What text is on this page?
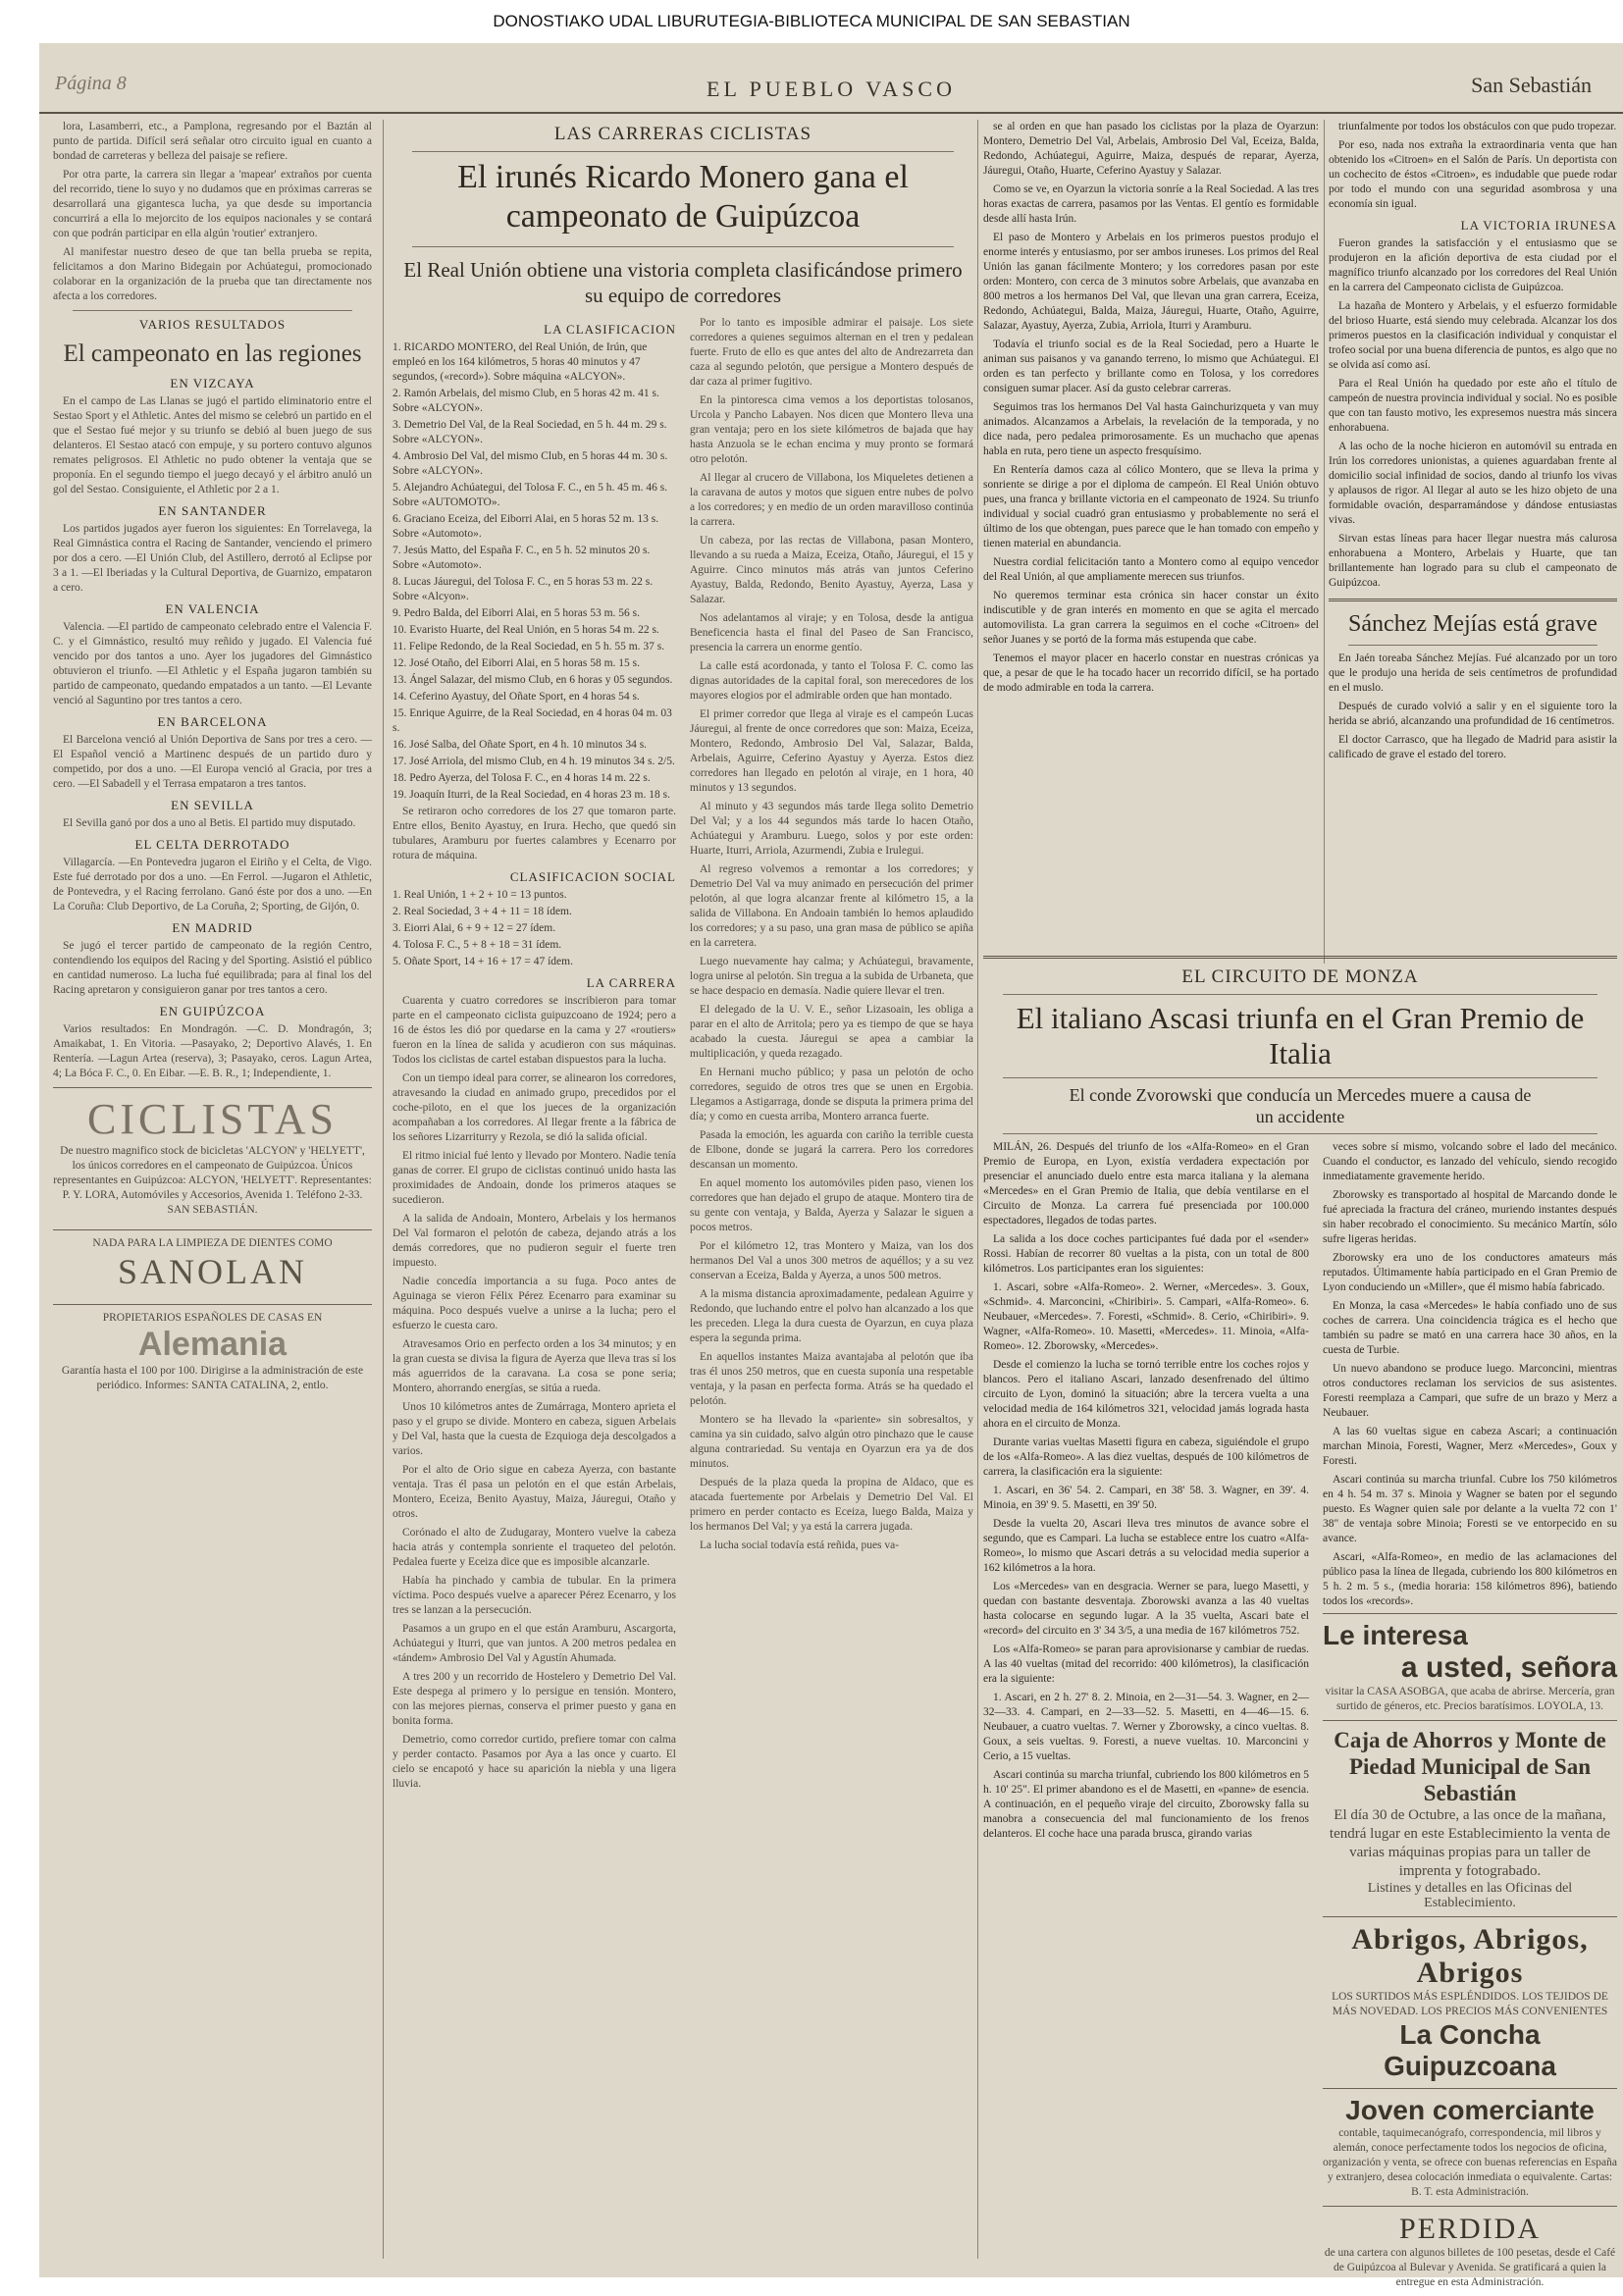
DONOSTIAKO UDAL LIBURUTEGIA-BIBLIOTECA MUNICIPAL DE SAN SEBASTIAN
Página 8	EL PUEBLO VASCO	San Sebastián

lora, Lasamberri, etc., a Pamplona, regresando por el Baztán al punto de partida. Difícil será señalar otro circuito igual en cuanto a bondad de carreteras y belleza del paisaje se refiere.

Por otra parte, la carrera sin llegar a 'mapear' extraños por cuenta del recorrido, tiene lo suyo y no dudamos que en próximas carreras se desarrollará una gigantesca lucha, ya que desde su importancia concurrirá a ella lo mejorcito de los equipos nacionales y se contará con que podrán participar en ella algún 'routier' extranjero.

Al manifestar nuestro deseo de que tan bella prueba se repita, felicitamos a don Marino Bidegain por Achúategui, promocionado colaborar en la organización de la prueba que tan directamente nos afecta a los corredores.

VARIOS RESULTADOS
El campeonato en las regiones
EN VIZCAYA

En el campo de Las Llanas se jugó el partido eliminatorio entre el Sestao Sport y el Athletic. Antes del mismo se celebró un partido en el que el Sestao fué mejor y su triunfo se debió al buen juego de sus delanteros. El Sestao atacó con empuje, y su portero contuvo algunos remates peligrosos. El Athletic no pudo obtener la ventaja que se proponía. En el segundo tiempo el juego decayó y el árbitro anuló un gol del Sestao. Consiguiente, el Athletic por 2 a 1.

EN SANTANDER

Los partidos jugados ayer fueron los siguientes: En Torrelavega, la Real Gimnástica contra el Racing de Santander, venciendo el primero por dos a cero. —El Unión Club, del Astillero, derrotó al Eclipse por 3 a 1. —El Iberiadas y la Cultural Deportiva, de Guarnizo, empataron a cero.

EN VALENCIA

Valencia. —El partido de campeonato celebrado entre el Valencia F. C. y el Gimnástico, resultó muy reñido y jugado. El Valencia fué vencido por dos tantos a uno. Ayer los jugadores del Gimnástico obtuvieron el triunfo. —El Athletic y el España jugaron también su partido de campeonato, quedando empatados a un tanto. —El Levante venció al Saguntino por tres tantos a cero.

EN BARCELONA

El Barcelona venció al Unión Deportiva de Sans por tres a cero. —El Español venció a Martinenc después de un partido duro y competido, por dos a uno. —El Europa venció al Gracia, por tres a cero. —El Sabadell y el Terrasa empataron a tres tantos.

EN SEVILLA

El Sevilla ganó por dos a uno al Betis. El partido muy disputado.

EL CELTA DERROTADO

Villagarcía. —En Pontevedra jugaron el Eiriño y el Celta, de Vigo. Este fué derrotado por dos a uno. —En Ferrol. —Jugaron el Athletic, de Pontevedra, y el Racing ferrolano. Ganó éste por dos a uno. —En La Coruña: Club Deportivo, de La Coruña, 2; Sporting, de Gijón, 0.

EN MADRID

Se jugó el tercer partido de campeonato de la región Centro, contendiendo los equipos del Racing y del Sporting. Asistió el público en cantidad numeroso. La lucha fué equilibrada; para al final los del Racing apretaron y consiguieron ganar por tres tantos a cero.

EN GUIPÚZCOA

Varios resultados: En Mondragón. —C. D. Mondragón, 3; Amaikabat, 1. En Vitoria. —Pasayako, 2; Deportivo Alavés, 1. En Rentería. —Lagun Artea (reserva), 3; Pasayako, ceros. Lagun Artea, 4; La Bóca F. C., 0. En Eibar. —E. B. R., 1; Independiente, 1.

CICLISTAS
De nuestro magnifico stock de bicicletas 'ALCYON' y 'HELYETT', los únicos corredores en el campeonato de Guipúzcoa. Únicos representantes en Guipúzcoa: ALCYON, 'HELYETT'. Representantes: P. Y. LORA, Automóviles y Accesorios, Avenida 1. Teléfono 2-33. SAN SEBASTIÁN.
NADA PARA LA LIMPIEZA DE DIENTES COMO
SANOLAN
PROPIETARIOS ESPAÑOLES DE CASAS EN
Alemania
Garantía hasta el 100 por 100. Dirigirse a la administración de este periódico. Informes: SANTA CATALINA, 2, entlo.
LAS CARRERAS CICLISTAS
El irunés Ricardo Monero gana el campeonato de Guipúzcoa
El Real Unión obtiene una vistoria completa clasificándose primero su equipo de corredores
LA CLASIFICACION

1. RICARDO MONTERO, del Real Unión, de Irún, que empleó en los 164 kilómetros, 5 horas 40 minutos y 47 segundos, («record»). Sobre máquina «ALCYON».

2. Ramón Arbelais, del mismo Club, en 5 horas 42 m. 41 s. Sobre «ALCYON».

3. Demetrio Del Val, de la Real Sociedad, en 5 h. 44 m. 29 s. Sobre «ALCYON».

4. Ambrosio Del Val, del mismo Club, en 5 horas 44 m. 30 s. Sobre «ALCYON».

5. Alejandro Achúategui, del Tolosa F. C., en 5 h. 45 m. 46 s. Sobre «AUTOMOTO».

6. Graciano Eceiza, del Eiborri Alai, en 5 horas 52 m. 13 s. Sobre «Automoto».

7. Jesús Matto, del España F. C., en 5 h. 52 minutos 20 s. Sobre «Automoto».

8. Lucas Jáuregui, del Tolosa F. C., en 5 horas 53 m. 22 s. Sobre «Alcyon».

9. Pedro Balda, del Eiborri Alai, en 5 horas 53 m. 56 s.

10. Evaristo Huarte, del Real Unión, en 5 horas 54 m. 22 s.

11. Felipe Redondo, de la Real Sociedad, en 5 h. 55 m. 37 s.

12. José Otaño, del Eiborri Alai, en 5 horas 58 m. 15 s.

13. Ángel Salazar, del mismo Club, en 6 horas y 05 segundos.

14. Ceferino Ayastuy, del Oñate Sport, en 4 horas 54 s.

15. Enrique Aguirre, de la Real Sociedad, en 4 horas 04 m. 03 s.

16. José Salba, del Oñate Sport, en 4 h. 10 minutos 34 s.

17. José Arriola, del mismo Club, en 4 h. 19 minutos 34 s. 2/5.

18. Pedro Ayerza, del Tolosa F. C., en 4 horas 14 m. 22 s.

19. Joaquín Iturri, de la Real Sociedad, en 4 horas 23 m. 18 s.

Se retiraron ocho corredores de los 27 que tomaron parte. Entre ellos, Benito Ayastuy, en Irura. Hecho, que quedó sin tubulares, Aramburu por fuertes calambres y Ecenarro por rotura de máquina.

CLASIFICACION SOCIAL

1. Real Unión, 1 + 2 + 10 = 13 puntos.

2. Real Sociedad, 3 + 4 + 11 = 18 ídem.

3. Eiorri Alai, 6 + 9 + 12 = 27 ídem.

4. Tolosa F. C., 5 + 8 + 18 = 31 ídem.

5. Oñate Sport, 14 + 16 + 17 = 47 ídem.

LA CARRERA

Cuarenta y cuatro corredores se inscribieron para tomar parte en el campeonato ciclista guipuzcoano de 1924; pero a 16 de éstos les dió por quedarse en la cama y 27 «routiers» fueron en la línea de salida y acudieron con sus máquinas. Todos los ciclistas de cartel estaban dispuestos para la lucha.

Con un tiempo ideal para correr, se alinearon los corredores, atravesando la ciudad en animado grupo, precedidos por el coche-piloto, en el que los jueces de la organización acompañaban a los corredores. Al llegar frente a la fábrica de los señores Lizarriturry y Rezola, se dió la salida oficial.

El ritmo inicial fué lento y llevado por Montero. Nadie tenía ganas de correr. El grupo de ciclistas continuó unido hasta las proximidades de Andoain, donde los primeros ataques se sucedieron.

A la salida de Andoain, Montero, Arbelais y los hermanos Del Val formaron el pelotón de cabeza, dejando atrás a los demás corredores, que no pudieron seguir el fuerte tren impuesto.

Nadie concedía importancia a su fuga. Poco antes de Aguinaga se vieron Félix Pérez Ecenarro para examinar su máquina. Poco después vuelve a unirse a la lucha; pero el esfuerzo le cuesta caro.

Atravesamos Orio en perfecto orden a los 34 minutos; y en la gran cuesta se divisa la figura de Ayerza que lleva tras sí los más aguerridos de la caravana. La cosa se pone seria; Montero, ahorrando energías, se sitúa a rueda.

Unos 10 kilómetros antes de Zumárraga, Montero aprieta el paso y el grupo se divide. Montero en cabeza, siguen Arbelais y Del Val, hasta que la cuesta de Ezquioga deja descolgados a varios.

Por el alto de Orio sigue en cabeza Ayerza, con bastante ventaja. Tras él pasa un pelotón en el que están Arbelais, Montero, Eceiza, Benito Ayastuy, Maiza, Jáuregui, Otaño y otros.

Corónado el alto de Zudugaray, Montero vuelve la cabeza hacia atrás y contempla sonriente el traqueteo del pelotón. Pedalea fuerte y Eceiza dice que es imposible alcanzarle.

Había ha pinchado y cambia de tubular. En la primera víctima. Poco después vuelve a aparecer Pérez Ecenarro, y los tres se lanzan a la persecución.

Pasamos a un grupo en el que están Aramburu, Ascargorta, Achúategui y Iturri, que van juntos. A 200 metros pedalea en «tándem» Ambrosio Del Val y Agustín Ahumada.

A tres 200 y un recorrido de Hostelero y Demetrio Del Val. Este despega al primero y lo persigue en tensión. Montero, con las mejores piernas, conserva el primer puesto y gana en bonita forma.

Demetrio, como corredor curtido, prefiere tomar con calma y perder contacto. Pasamos por Aya a las once y cuarto. El cielo se encapotó y hace su aparición la niebla y una ligera lluvia.

Por lo tanto es imposible admirar el paisaje. Los siete corredores a quienes seguimos alternan en el tren y pedalean fuerte. Fruto de ello es que antes del alto de Andrezarreta dan caza al segundo pelotón, que persigue a Montero después de dar caza al primer fugitivo.

En la pintoresca cima vemos a los deportistas tolosanos, Urcola y Pancho Labayen. Nos dicen que Montero lleva una gran ventaja; pero en los siete kilómetros de bajada que hay hasta Anzuola se le echan encima y muy pronto se formará otro pelotón.

Al llegar al crucero de Villabona, los Miqueletes detienen a la caravana de autos y motos que siguen entre nubes de polvo a los corredores; y en medio de un orden maravilloso continúa la carrera.

Un cabeza, por las rectas de Villabona, pasan Montero, llevando a su rueda a Maiza, Eceiza, Otaño, Jáuregui, el 15 y Aguirre. Cinco minutos más atrás van juntos Ceferino Ayastuy, Balda, Redondo, Benito Ayastuy, Ayerza, Lasa y Salazar.

Nos adelantamos al viraje; y en Tolosa, desde la antigua Beneficencia hasta el final del Paseo de San Francisco, presencia la carrera un enorme gentío.

La calle está acordonada, y tanto el Tolosa F. C. como las dignas autoridades de la capital foral, son merecedores de los mayores elogios por el admirable orden que han montado.

El primer corredor que llega al viraje es el campeón Lucas Jáuregui, al frente de once corredores que son: Maiza, Eceiza, Montero, Redondo, Ambrosio Del Val, Salazar, Balda, Arbelais, Aguirre, Ceferino Ayastuy y Ayerza. Estos diez corredores han llegado en pelotón al viraje, en 1 hora, 40 minutos y 13 segundos.

Al minuto y 43 segundos más tarde llega solito Demetrio Del Val; y a los 44 segundos más tarde lo hacen Otaño, Achúategui y Aramburu. Luego, solos y por este orden: Huarte, Iturri, Arriola, Azurmendi, Zubia e Irulegui.

Al regreso volvemos a remontar a los corredores; y Demetrio Del Val va muy animado en persecución del primer pelotón, al que logra alcanzar frente al kilómetro 15, a la salida de Villabona. En Andoain también lo hemos aplaudido los corredores; y a su paso, una gran masa de público se apiña en la carretera.

Luego nuevamente hay calma; y Achúategui, bravamente, logra unirse al pelotón. Sin tregua a la subida de Urbaneta, que se hace despacio en demasía. Nadie quiere llevar el tren.

El delegado de la U. V. E., señor Lizasoain, les obliga a parar en el alto de Arritola; pero ya es tiempo de que se haya acabado la cuesta. Jáuregui se apea a cambiar la multiplicación, y queda rezagado.

En Hernani mucho público; y pasa un pelotón de ocho corredores, seguido de otros tres que se unen en Ergobia. Llegamos a Astigarraga, donde se disputa la primera prima del día; y como en cuesta arriba, Montero arranca fuerte.

Pasada la emoción, les aguarda con cariño la terrible cuesta de Elbone, donde se jugará la carrera. Pero los corredores descansan un momento.

En aquel momento los automóviles piden paso, vienen los corredores que han dejado el grupo de ataque. Montero tira de su gente con ventaja, y Balda, Ayerza y Salazar le siguen a pocos metros.

Por el kilómetro 12, tras Montero y Maiza, van los dos hermanos Del Val a unos 300 metros de aquéllos; y a su vez conservan a Eceiza, Balda y Ayerza, a unos 500 metros.

A la misma distancia aproximadamente, pedalean Aguirre y Redondo, que luchando entre el polvo han alcanzado a los que les preceden. Llega la dura cuesta de Oyarzun, en cuya plaza espera la segunda prima.

En aquellos instantes Maiza avantajaba al pelotón que iba tras él unos 250 metros, que en cuesta suponía una respetable ventaja, y la pasan en perfecta forma. Atrás se ha quedado el pelotón.

Montero se ha llevado la «pariente» sin sobresaltos, y camina ya sin cuidado, salvo algún otro pinchazo que le cause alguna contrariedad. Su ventaja en Oyarzun era ya de dos minutos.

Después de la plaza queda la propina de Aldaco, que es atacada fuertemente por Arbelais y Demetrio Del Val. El primero en perder contacto es Eceiza, luego Balda, Maiza y los hermanos Del Val; y ya está la carrera jugada.

La lucha social todavía está reñida, pues va-

se al orden en que han pasado los ciclistas por la plaza de Oyarzun: Montero, Demetrio Del Val, Arbelais, Ambrosio Del Val, Eceiza, Balda, Redondo, Achúategui, Aguirre, Maiza, después de reparar, Ayerza, Jáuregui, Otaño, Huarte, Ceferino Ayastuy y Salazar.

Como se ve, en Oyarzun la victoria sonríe a la Real Sociedad. A las tres horas exactas de carrera, pasamos por las Ventas. El gentío es formidable desde allí hasta Irún.

El paso de Montero y Arbelais en los primeros puestos produjo el enorme interés y entusiasmo, por ser ambos iruneses. Los primos del Real Unión las ganan fácilmente Montero; y los corredores pasan por este orden: Montero, con cerca de 3 minutos sobre Arbelais, que avanzaba en 800 metros a los hermanos Del Val, que llevan una gran carrera, Eceiza, Redondo, Achúategui, Balda, Maiza, Jáuregui, Huarte, Otaño, Aguirre, Salazar, Ayastuy, Ayerza, Zubia, Arriola, Iturri y Aramburu.

Todavía el triunfo social es de la Real Sociedad, pero a Huarte le animan sus paisanos y va ganando terreno, lo mismo que Achúategui. El orden es tan perfecto y brillante como en Tolosa, y los corredores consiguen sumar placer. Así da gusto celebrar carreras.

Seguimos tras los hermanos Del Val hasta Gainchurizqueta y van muy animados. Alcanzamos a Arbelais, la revelación de la temporada, y no dice nada, pero pedalea primorosamente. Es un muchacho que apenas habla en ruta, pero tiene un aspecto fresquísimo.

En Rentería damos caza al cólico Montero, que se lleva la prima y sonriente se dirige a por el diploma de campeón. El Real Unión obtuvo pues, una franca y brillante victoria en el campeonato de 1924. Su triunfo individual y social cuadró gran entusiasmo y probablemente no será el último de los que obtengan, pues parece que le han tomado con empeño y tienen material en abundancia.

Nuestra cordial felicitación tanto a Montero como al equipo vencedor del Real Unión, al que ampliamente merecen sus triunfos.

No queremos terminar esta crónica sin hacer constar un éxito indiscutible y de gran interés en momento en que se agita el mercado automovilista. La gran carrera la seguimos en el coche «Citroen» del señor Juanes y se portó de la forma más estupenda que cabe.

Tenemos el mayor placer en hacerlo constar en nuestras crónicas ya que, a pesar de que le ha tocado hacer un recorrido difícil, se ha portado de modo admirable en toda la carrera.

triunfalmente por todos los obstáculos con que pudo tropezar.

Por eso, nada nos extraña la extraordinaria venta que han obtenido los «Citroen» en el Salón de París. Un deportista con un cochecito de éstos «Citroen», es indudable que puede rodar por todo el mundo con una seguridad asombrosa y una economía sin igual.

LA VICTORIA IRUNESA

Fueron grandes la satisfacción y el entusiasmo que se produjeron en la afición deportiva de esta ciudad por el magnífico triunfo alcanzado por los corredores del Real Unión en la carrera del Campeonato ciclista de Guipúzcoa.

La hazaña de Montero y Arbelais, y el esfuerzo formidable del brioso Huarte, está siendo muy celebrada. Alcanzar los dos primeros puestos en la clasificación individual y conquistar el trofeo social por una buena diferencia de puntos, es algo que no se olvida así como así.

Para el Real Unión ha quedado por este año el título de campeón de nuestra provincia individual y social. No es posible que con tan fausto motivo, les expresemos nuestra más sincera enhorabuena.

A las ocho de la noche hicieron en automóvil su entrada en Irún los corredores unionistas, a quienes aguardaban frente al domicilio social infinidad de socios, dando al triunfo los vivas y aplausos de rigor. Al llegar al auto se les hizo objeto de una formidable ovación, desparramándose y dándose entusiastas vivas.

Sirvan estas líneas para hacer llegar nuestra más calurosa enhorabuena a Montero, Arbelais y Huarte, que tan brillantemente han logrado para su club el campeonato de Guipúzcoa.

Sánchez Mejías está grave

En Jaén toreaba Sánchez Mejías. Fué alcanzado por un toro que le produjo una herida de seis centímetros de profundidad en el muslo.

Después de curado volvió a salir y en el siguiente toro la herida se abrió, alcanzando una profundidad de 16 centímetros.

El doctor Carrasco, que ha llegado de Madrid para asistir la calificado de grave el estado del torero.

EL CIRCUITO DE MONZA
El italiano Ascasi triunfa en el Gran Premio de Italia
El conde Zvorowski que conducía un Mercedes muere a causa de un accidente

MILÁN, 26. Después del triunfo de los «Alfa-Romeo» en el Gran Premio de Europa, en Lyon, existía verdadera expectación por presenciar el anunciado duelo entre esta marca italiana y la alemana «Mercedes» en el Gran Premio de Italia, que debía ventilarse en el Circuito de Monza. La carrera fué presenciada por 100.000 espectadores, llegados de todas partes.

La salida a los doce coches participantes fué dada por el «sender» Rossi. Habían de recorrer 80 vueltas a la pista, con un total de 800 kilómetros. Los participantes eran los siguientes:

1. Ascari, sobre «Alfa-Romeo». 2. Werner, «Mercedes». 3. Goux, «Schmid». 4. Marconcini, «Chiribiri». 5. Campari, «Alfa-Romeo». 6. Neubauer, «Mercedes». 7. Foresti, «Schmid». 8. Cerio, «Chiribiri». 9. Wagner, «Alfa-Romeo». 10. Masetti, «Mercedes». 11. Minoia, «Alfa-Romeo». 12. Zborowsky, «Mercedes».

Desde el comienzo la lucha se tornó terrible entre los coches rojos y blancos. Pero el italiano Ascari, lanzado desenfrenado del último circuito de Lyon, dominó la situación; abre la tercera vuelta a una velocidad media de 164 kilómetros 321, velocidad jamás lograda hasta ahora en el circuito de Monza.

Durante varias vueltas Masetti figura en cabeza, siguiéndole el grupo de los «Alfa-Romeo». A las diez vueltas, después de 100 kilómetros de carrera, la clasificación era la siguiente:

1. Ascari, en 36' 54. 2. Campari, en 38' 58. 3. Wagner, en 39'. 4. Minoia, en 39' 9. 5. Masetti, en 39' 50.

Desde la vuelta 20, Ascari lleva tres minutos de avance sobre el segundo, que es Campari. La lucha se establece entre los cuatro «Alfa-Romeo», lo mismo que Ascari detrás a su velocidad media superior a 162 kilómetros a la hora.

Los «Mercedes» van en desgracia. Werner se para, luego Masetti, y quedan con bastante desventaja. Zborowski avanza a las 40 vueltas hasta colocarse en segundo lugar. A la 35 vuelta, Ascari bate el «record» del circuito en 3' 34 3/5, a una media de 167 kilómetros 752.

Los «Alfa-Romeo» se paran para aprovisionarse y cambiar de ruedas. A las 40 vueltas (mitad del recorrido: 400 kilómetros), la clasificación era la siguiente:

1. Ascari, en 2 h. 27' 8. 2. Minoia, en 2—31—54. 3. Wagner, en 2—32—33. 4. Campari, en 2—33—52. 5. Masetti, en 4—46—15. 6. Neubauer, a cuatro vueltas. 7. Werner y Zborowsky, a cinco vueltas. 8. Goux, a seis vueltas. 9. Foresti, a nueve vueltas. 10. Marconcini y Cerio, a 15 vueltas.

Ascari continúa su marcha triunfal, cubriendo los 800 kilómetros en 5 h. 10' 25". El primer abandono es el de Masetti, en «panne» de esencia. A continuación, en el pequeño viraje del circuito, Zborowsky falla su manobra a consecuencia del mal funcionamiento de los frenos delanteros. El coche hace una parada brusca, girando varias

veces sobre sí mismo, volcando sobre el lado del mecánico. Cuando el conductor, es lanzado del vehículo, siendo recogido inmediatamente gravemente herido.

Zborowsky es transportado al hospital de Marcando donde le fué apreciada la fractura del cráneo, muriendo instantes después sin haber recobrado el conocimiento. Su mecánico Martín, sólo sufre ligeras heridas.

Zborowsky era uno de los conductores amateurs más reputados. Últimamente había participado en el Gran Premio de Lyon conduciendo un «Miller», que él mismo había fabricado.

En Monza, la casa «Mercedes» le había confiado uno de sus coches de carrera. Una coincidencia trágica es el hecho que también su padre se mató en una carrera hace 30 años, en la cuesta de Turbie.

Un nuevo abandono se produce luego. Marconcini, mientras otros conductores reclaman los servicios de sus asistentes. Foresti reemplaza a Campari, que sufre de un brazo y Merz a Neubauer.

A las 60 vueltas sigue en cabeza Ascari; a continuación marchan Minoia, Foresti, Wagner, Merz «Mercedes», Goux y Foresti.

Ascari continúa su marcha triunfal. Cubre los 750 kilómetros en 4 h. 54 m. 37 s. Minoia y Wagner se baten por el segundo puesto. Es Wagner quien sale por delante a la vuelta 72 con 1' 38" de ventaja sobre Minoia; Foresti se ve entorpecido en su avance.

Ascari, «Alfa-Romeo», en medio de las aclamaciones del público pasa la línea de llegada, cubriendo los 800 kilómetros en 5 h. 2 m. 5 s., (media horaria: 158 kilómetros 896), batiendo todos los «records».

Le interesa
a usted, señora
visitar la CASA ASOBGA, que acaba de abrirse. Mercería, gran surtido de géneros, etc. Precios baratísimos. LOYOLA, 13.
Caja de Ahorros y Monte de Piedad Municipal de San Sebastián
El día 30 de Octubre, a las once de la mañana, tendrá lugar en este Establecimiento la venta de varias máquinas propias para un taller de imprenta y fotograbado.
Listines y detalles en las Oficinas del Establecimiento.
Abrigos, Abrigos, Abrigos
LOS SURTIDOS MÁS ESPLÉNDIDOS. LOS TEJIDOS DE MÁS NOVEDAD. LOS PRECIOS MÁS CONVENIENTES
La Concha Guipuzcoana
Joven comerciante
contable, taquimecanógrafo, correspondencia, mil libros y alemán, conoce perfectamente todos los negocios de oficina, organización y venta, se ofrece con buenas referencias en España y extranjero, desea colocación inmediata o equivalente. Cartas: B. T. esta Administración.
PERDIDA
de una cartera con algunos billetes de 100 pesetas, desde el Café de Guipúzcoa al Bulevar y Avenida. Se gratificará a quien la entregue en esta Administración.
